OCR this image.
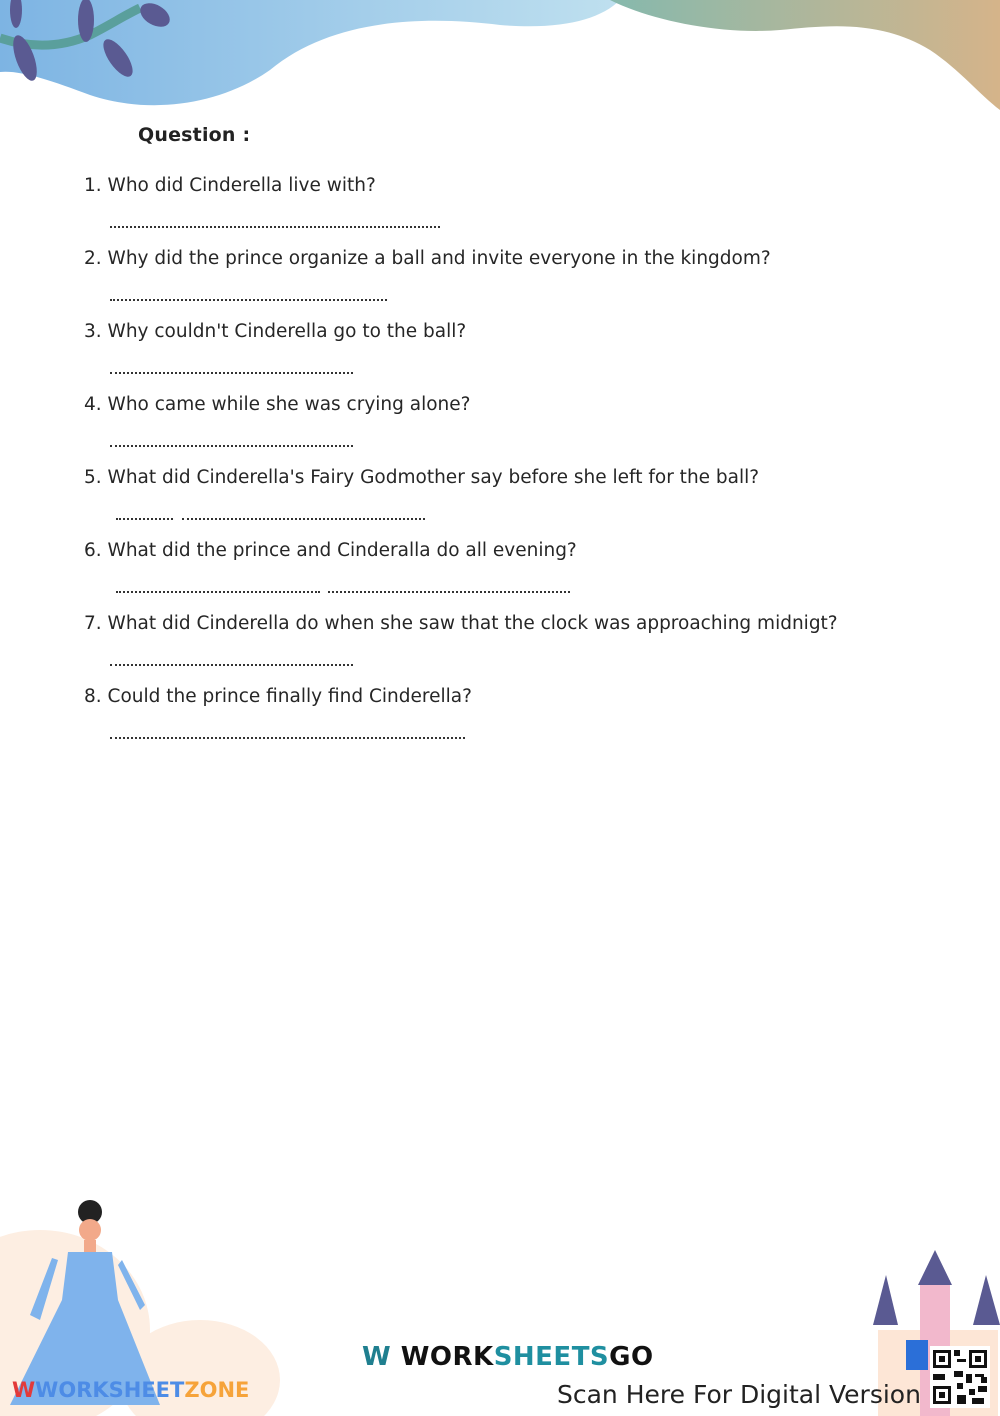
Question :
1. Who did Cinderella live with?
2. Why did the prince organize a ball and invite everyone in the kingdom?
3. Why couldn't Cinderella go to the ball?
4. Who came while she was crying alone?
5. What did Cinderella's Fairy Godmother say before she left for the ball?
6. What did the prince and Cinderalla do all evening?
7. What did Cinderella do when she saw that the clock was approaching midnigt?
8. Could the prince finally find Cinderella?
WWORKSHEETZONE
W WORKSHEETSGO
Scan Here For Digital Version
